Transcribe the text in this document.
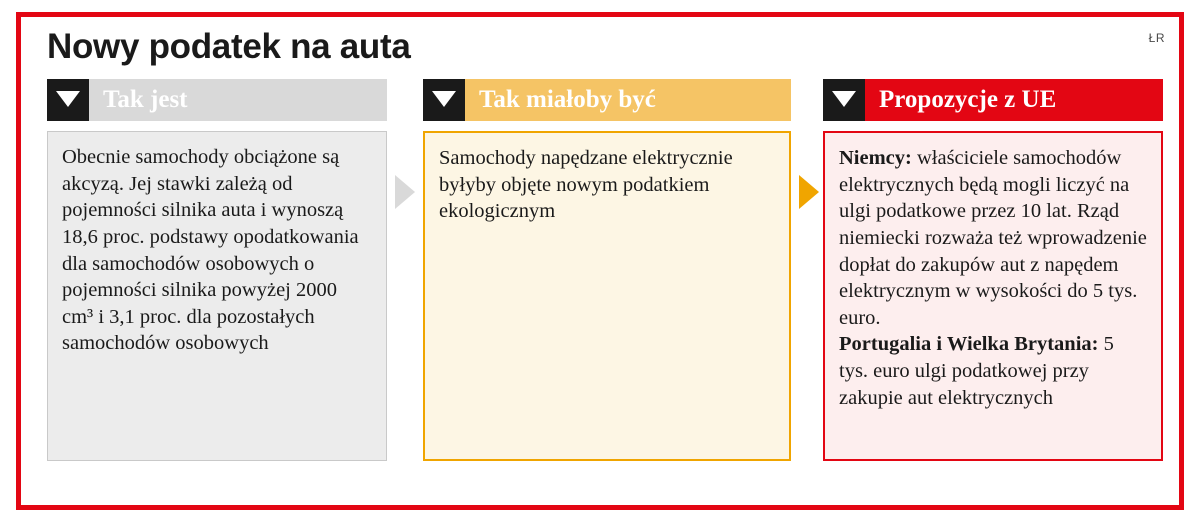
Nowy podatek na auta	ŁR
Tak jest

Obecnie samochody obciążone są akcyzą. Jej stawki zależą od pojemności silnika auta i wynoszą 18,6 proc. podstawy opodatkowania dla samochodów osobowych o pojemności silnika powyżej 2000 cm³ i 3,1 proc. dla pozostałych samochodów osobowych

Tak miałoby być

Samochody napędzane elektrycznie byłyby objęte nowym podatkiem ekologicznym

Propozycje z UE

Niemcy: właściciele samochodów elektrycznych będą mogli liczyć na ulgi podatkowe przez 10 lat. Rząd niemiecki rozważa też wprowadzenie dopłat do zakupów aut z napędem elektrycznym w wysokości do 5 tys. euro.

Portugalia i Wielka Brytania: 5 tys. euro ulgi podatkowej przy zakupie aut elektrycznych
